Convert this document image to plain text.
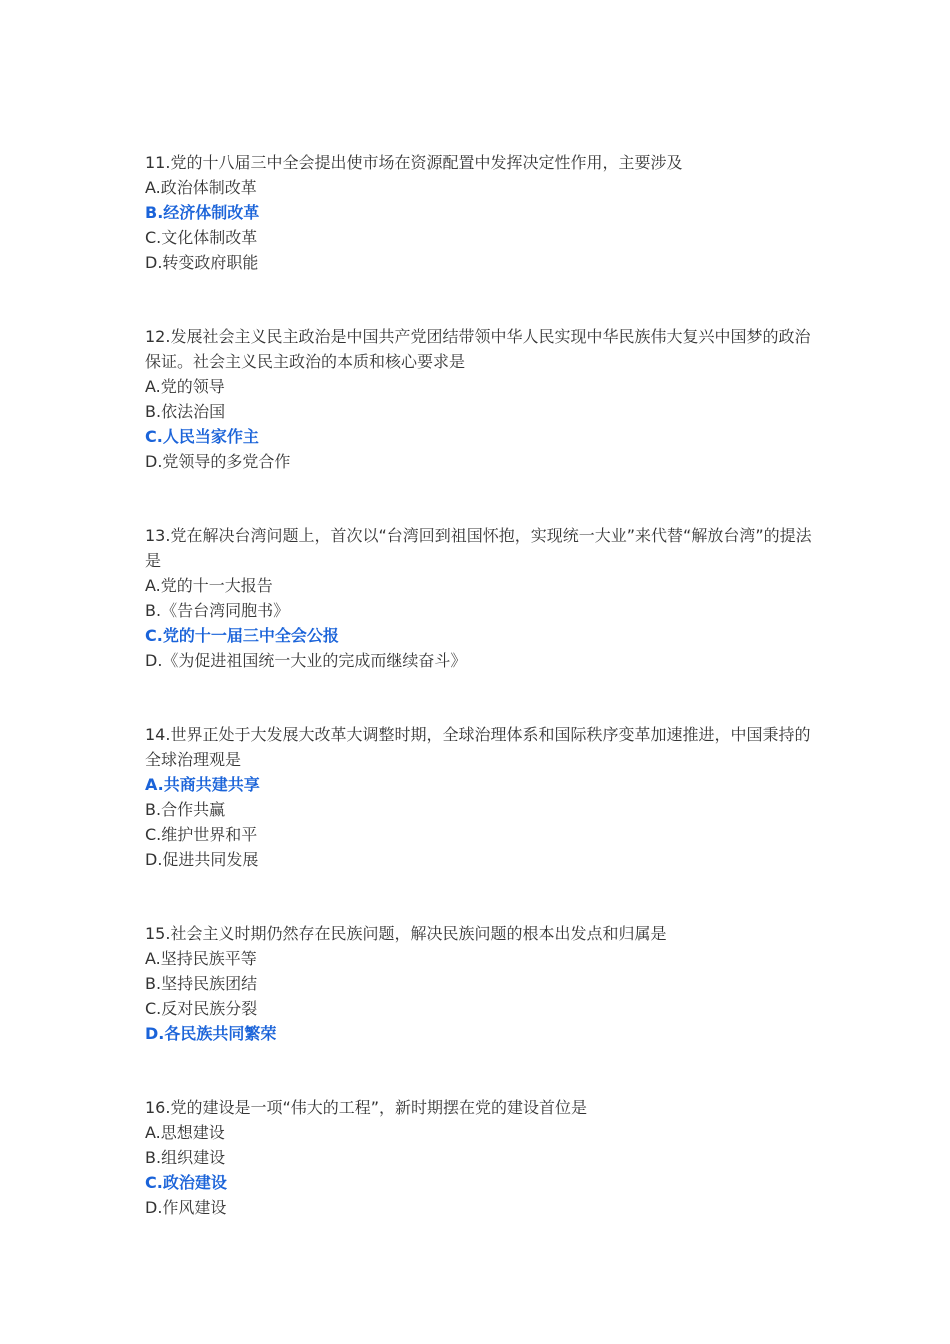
11.党的十八届三中全会提出使市场在资源配置中发挥决定性作用，主要涉及

A.政治体制改革

B.经济体制改革

C.文化体制改革

D.转变政府职能

12.发展社会主义民主政治是中国共产党团结带领中华人民实现中华民族伟大复兴中国梦的政治保证。社会主义民主政治的本质和核心要求是

A.党的领导

B.依法治国

C.人民当家作主

D.党领导的多党合作

13.党在解决台湾问题上，首次以“台湾回到祖国怀抱，实现统一大业”来代替“解放台湾”的提法是

A.党的十一大报告

B.《告台湾同胞书》

C.党的十一届三中全会公报

D.《为促进祖国统一大业的完成而继续奋斗》

14.世界正处于大发展大改革大调整时期，全球治理体系和国际秩序变革加速推进，中国秉持的全球治理观是

A.共商共建共享

B.合作共赢

C.维护世界和平

D.促进共同发展

15.社会主义时期仍然存在民族问题，解决民族问题的根本出发点和归属是

A.坚持民族平等

B.坚持民族团结

C.反对民族分裂

D.各民族共同繁荣

16.党的建设是一项“伟大的工程”，新时期摆在党的建设首位是

A.思想建设

B.组织建设

C.政治建设

D.作风建设
